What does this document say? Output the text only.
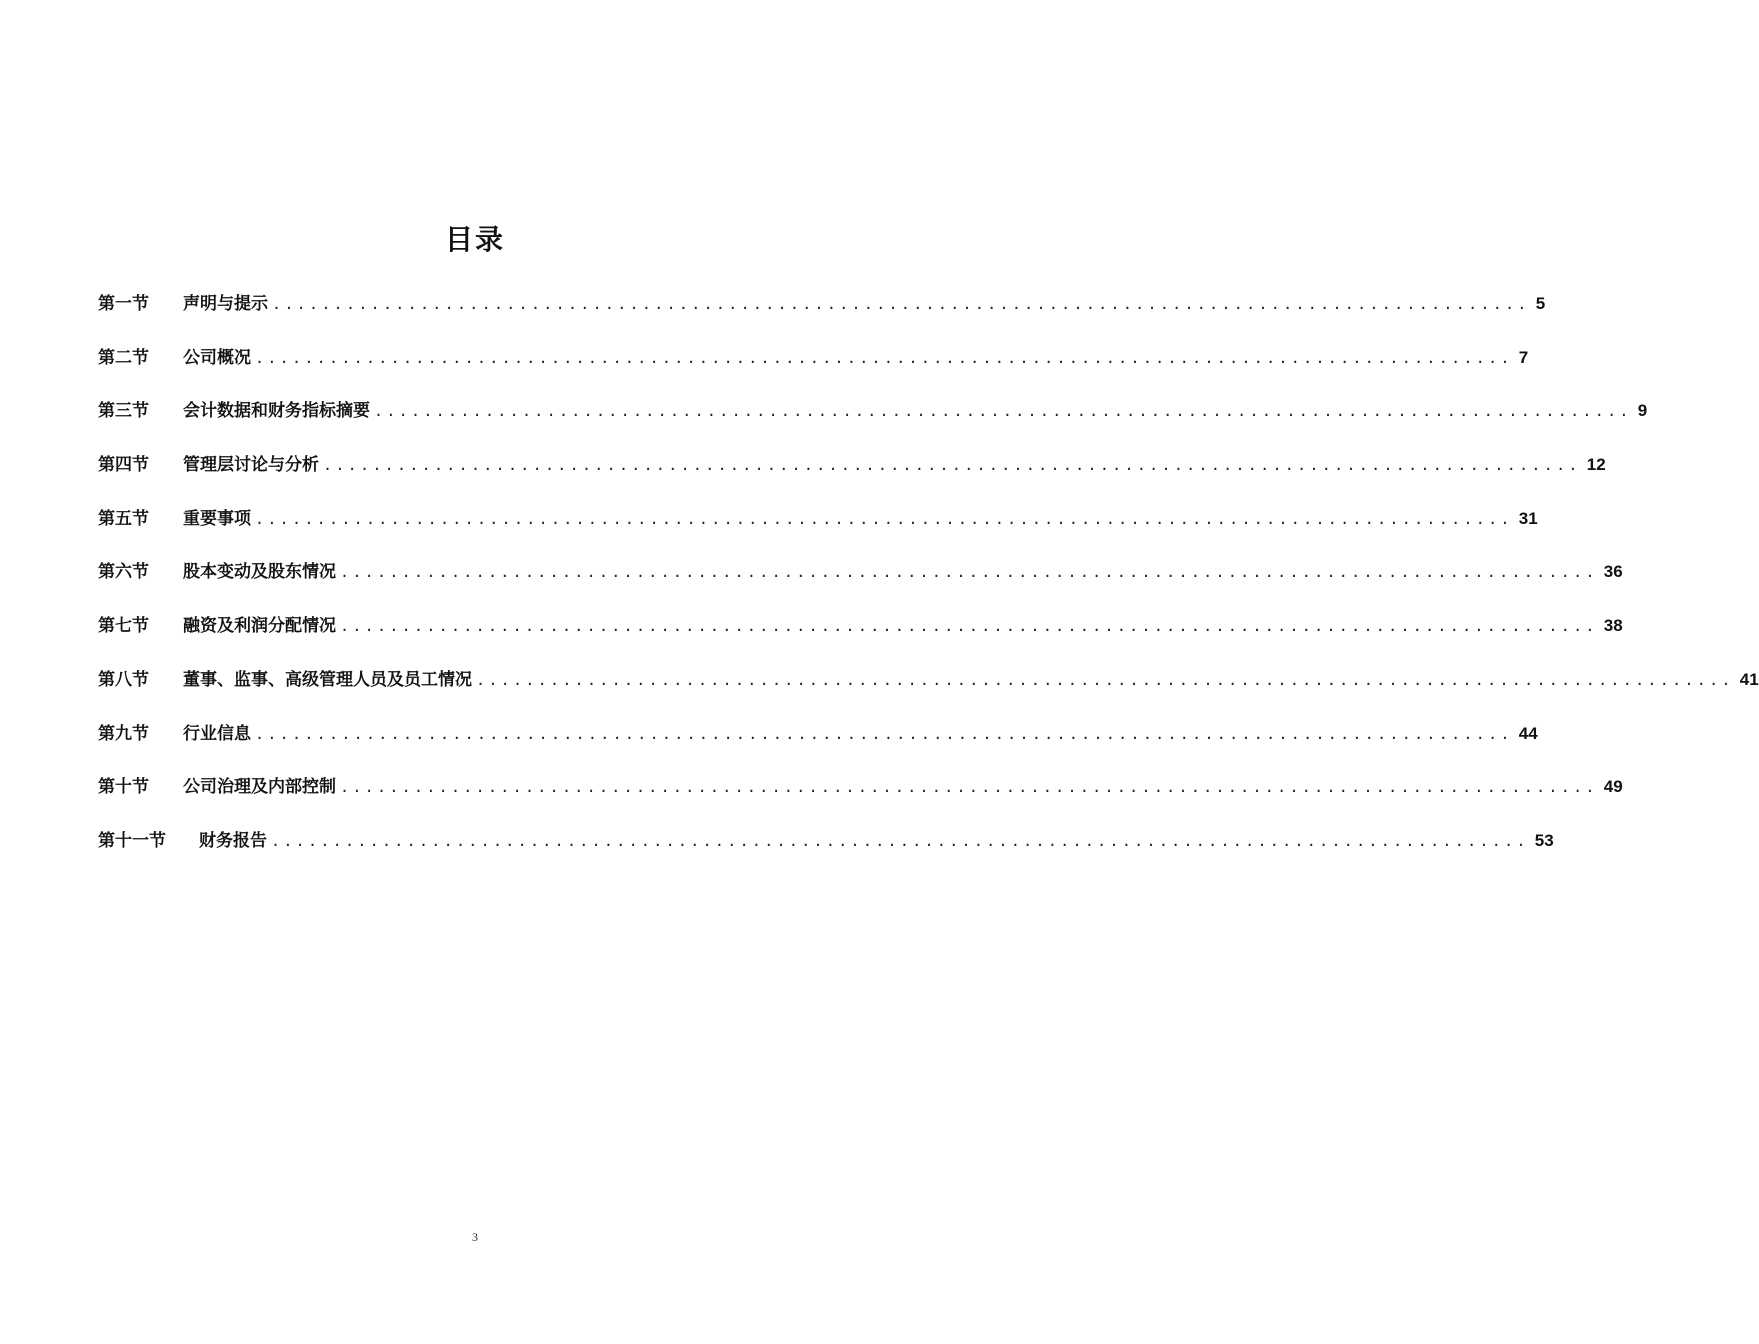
目录
第一节	声明与提示 ...................................................................................................... 5
第二节	公司概况 ...................................................................................................... 7
第三节	会计数据和财务指标摘要 ...................................................................................................... 9
第四节	管理层讨论与分析 ...................................................................................................... 12
第五节	重要事项 ...................................................................................................... 31
第六节	股本变动及股东情况 ...................................................................................................... 36
第七节	融资及利润分配情况 ...................................................................................................... 38
第八节	董事、监事、高级管理人员及员工情况 ...................................................................................................... 41
第九节	行业信息 ...................................................................................................... 44
第十节	公司治理及内部控制 ...................................................................................................... 49
第十一节	财务报告 ...................................................................................................... 53
3
